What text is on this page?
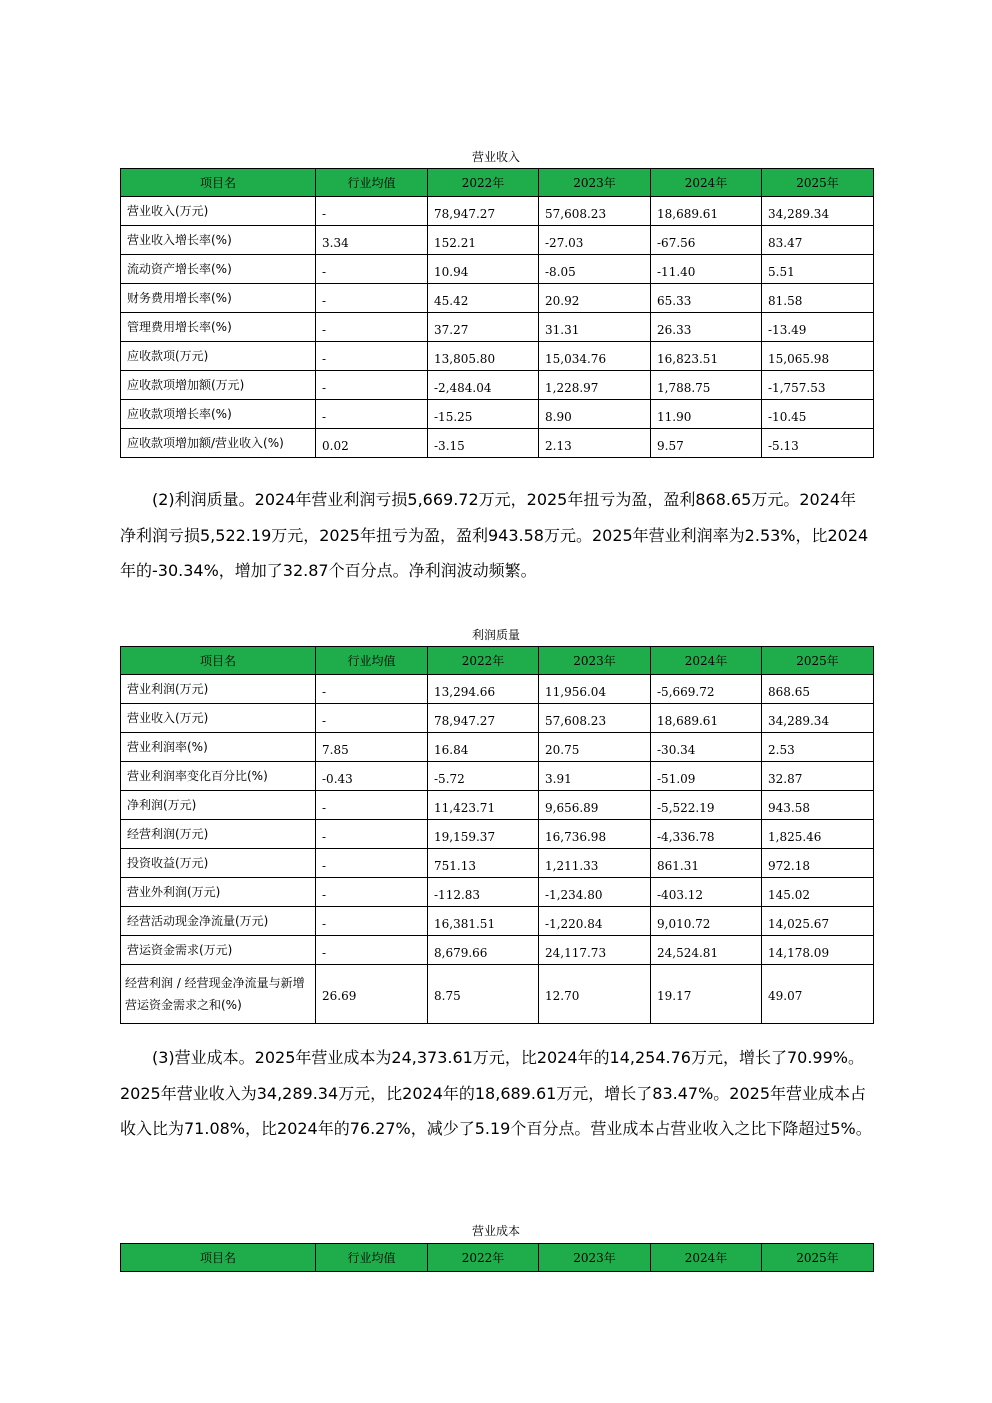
营业收入
项目名	行业均值	2022年	2023年	2024年	2025年
营业收入(万元)	-	78,947.27	57,608.23	18,689.61	34,289.34
营业收入增长率(%)	3.34	152.21	-27.03	-67.56	83.47
流动资产增长率(%)	-	10.94	-8.05	-11.40	5.51
财务费用增长率(%)	-	45.42	20.92	65.33	81.58
管理费用增长率(%)	-	37.27	31.31	26.33	-13.49
应收款项(万元)	-	13,805.80	15,034.76	16,823.51	15,065.98
应收款项增加额(万元)	-	-2,484.04	1,228.97	1,788.75	-1,757.53
应收款项增长率(%)	-	-15.25	8.90	11.90	-10.45
应收款项增加额/营业收入(%)	0.02	-3.15	2.13	9.57	-5.13

(2)利润质量。2024年营业利润亏损5,669.72万元，2025年扭亏为盈，盈利868.65万元。2024年净利润亏损5,522.19万元，2025年扭亏为盈，盈利943.58万元。2025年营业利润率为2.53%，比2024年的-30.34%，增加了32.87个百分点。净利润波动频繁。

利润质量
项目名	行业均值	2022年	2023年	2024年	2025年
营业利润(万元)	-	13,294.66	11,956.04	-5,669.72	868.65
营业收入(万元)	-	78,947.27	57,608.23	18,689.61	34,289.34
营业利润率(%)	7.85	16.84	20.75	-30.34	2.53
营业利润率变化百分比(%)	-0.43	-5.72	3.91	-51.09	32.87
净利润(万元)	-	11,423.71	9,656.89	-5,522.19	943.58
经营利润(万元)	-	19,159.37	16,736.98	-4,336.78	1,825.46
投资收益(万元)	-	751.13	1,211.33	861.31	972.18
营业外利润(万元)	-	-112.83	-1,234.80	-403.12	145.02
经营活动现金净流量(万元)	-	16,381.51	-1,220.84	9,010.72	14,025.67
营运资金需求(万元)	-	8,679.66	24,117.73	24,524.81	14,178.09
经营利润 / 经营现金净流量与新增营运资金需求之和(%)	26.69	8.75	12.70	19.17	49.07

(3)营业成本。2025年营业成本为24,373.61万元，比2024年的14,254.76万元，增长了70.99%。2025年营业收入为34,289.34万元，比2024年的18,689.61万元，增长了83.47%。2025年营业成本占收入比为71.08%，比2024年的76.27%，减少了5.19个百分点。营业成本占营业收入之比下降超过5%。

营业成本
项目名	行业均值	2022年	2023年	2024年	2025年
